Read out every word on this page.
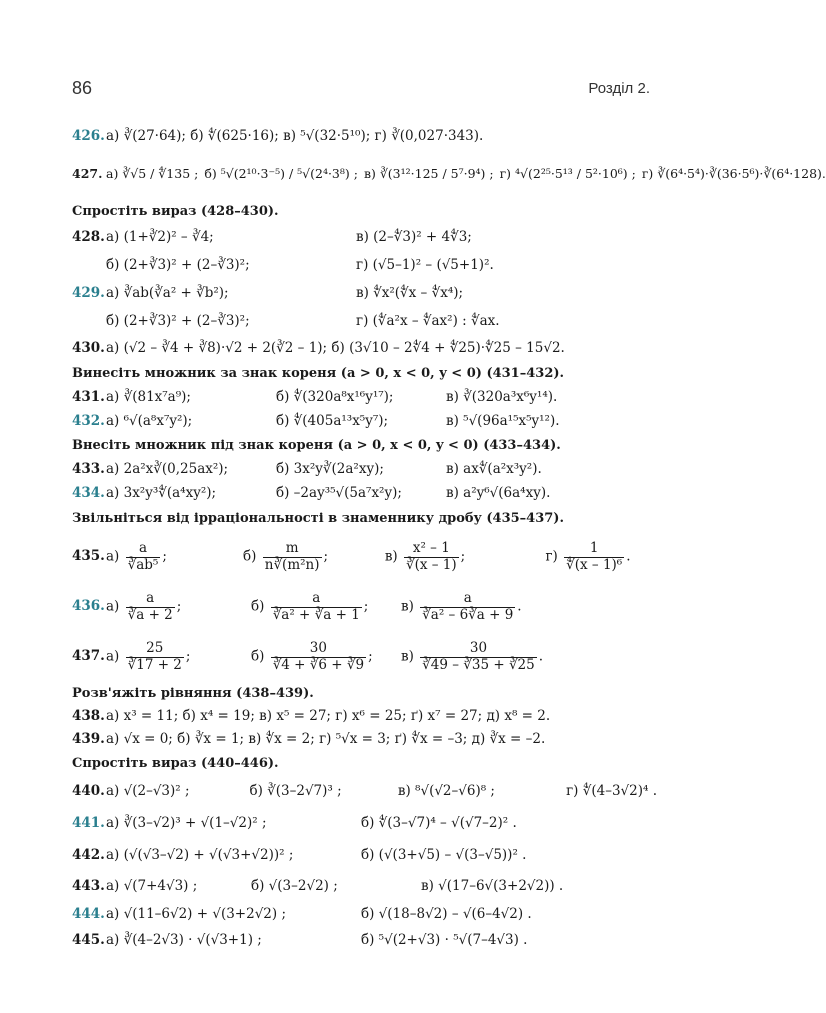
86	Розділ 2.
426. а) ∛(27·64); б) ∜(625·16); в) ⁵√(32·5¹⁰); г) ∛(0,027·343).
427. а) ∛√5 / ∜135 ; б) ⁵√(2¹⁰·3⁻⁵) / ⁵√(2⁴·3⁸) ; в) ∛(3¹²·125 / 5⁷·9⁴) ; г) ⁴√(2²⁵·5¹³ / 5²·10⁶) ; г) ∛(6⁴·5⁴)·∛(36·5⁶)·∛(6⁴·128).
Спростіть вираз (428–430).
428. а) (1+∛2)² – ∛4;	в) (2–∜3)² + 4∜3;
б) (2+∛3)² + (2–∛3)²;	г) (√5–1)² – (√5+1)².
429. а) ∛ab(∛a² + ∛b²);	в) ∜x²(∜x – ∜x⁴);
б) (2+∛3)² + (2–∛3)²;	г) (∜a²x – ∜ax²) : ∜ax.
430. а) (√2 – ∛4 + ∛8)·√2 + 2(∛2 – 1); б) (3√10 – 2∜4 + ∜25)·∜25 – 15√2.
Винесіть множник за знак кореня (a > 0, x < 0, y < 0) (431–432).
431. а) ∛(81x⁷a⁹);	б) ∜(320a⁸x¹⁶y¹⁷);	в) ∛(320a³x⁶y¹⁴).
432. а) ⁶√(a⁸x⁷y²);	б) ∜(405a¹³x⁵y⁷);	в) ⁵√(96a¹⁵x⁵y¹²).
Внесіть множник під знак кореня (a > 0, x < 0, y < 0) (433–434).
433. а) 2a²x∛(0,25ax²);	б) 3x²y∛(2a²xy);	в) ax∜(a²x³y²).
434. а) 3x²y³∜(a⁴xy²);	б) –2ay³⁵√(5a⁷x²y);	в) a²y⁶√(6a⁴xy).
Звільніться від ірраціональності в знаменнику дробу (435–437).
435. $а) \frac{a}{\text{∛ab⁵}}$ ;	$б) \frac{m}{\text{n∛(m²n)}}$ ;	$в) \frac{\text{x² – 1}}{∛(x - 1)}$ ;	$г) \frac{1}{\text{∜(x – 1)⁶}}$ .
436. $а) \frac{a}{∛a + 2}$ ;	$б) \frac{a}{\text{∛a² + ∛a + 1}}$ ;	$в) \frac{a}{\text{∛a² – 6∛a + 9}}$ .
437. $а) \frac{25}{∛17 + 2}$ ;	$б) \frac{30}{∛4 + ∛6 + ∛9}$ ;	$в) \frac{30}{∛49 - ∛35 + ∛25}$ .
Розв'яжіть рівняння (438–439).
438. а) x³ = 11; б) x⁴ = 19; в) x⁵ = 27; г) x⁶ = 25; ґ) x⁷ = 27; д) x⁸ = 2.
439. а) √x = 0; б) ∛x = 1; в) ∜x = 2; г) ⁵√x = 3; ґ) ∜x = –3; д) ∛x = –2.
Спростіть вираз (440–446).
440. а) √(2–√3)² ;	б) ∛(3–2√7)³ ;	в) ⁸√(√2–√6)⁸ ;	г) ∜(4–3√2)⁴ .
441. а) ∛(3–√2)³ + √(1–√2)² ;	б) ∜(3–√7)⁴ – √(√7–2)² .
442. а) (√(√3–√2) + √(√3+√2))² ;	б) (√(3+√5) – √(3–√5))² .
443. а) √(7+4√3) ;	б) √(3–2√2) ;	в) √(17–6√(3+2√2)) .
444. а) √(11–6√2) + √(3+2√2) ;	б) √(18–8√2) – √(6–4√2) .
445. а) ∛(4–2√3) · √(√3+1) ;	б) ⁵√(2+√3) · ⁵√(7–4√3) .
